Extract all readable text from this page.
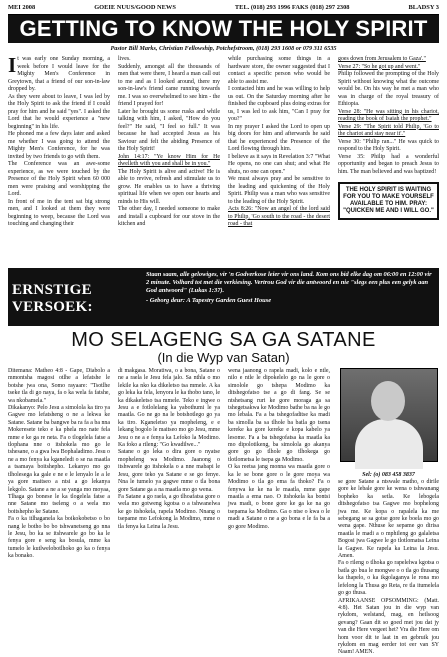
MEI 2008	GOEIE NUUS/GOOD NEWS	TEL. (018) 293 1996 FAKS (018) 297 2308	BLADSY 3
GETTING TO KNOW THE HOLY SPIRIT
Pastor Bill Marks, Christian Fellowship, Potchefstroom, (018) 293 1608 or 079 311 6535
I t was early one Sunday morning, a week before I would leave for the Mighty Men's Conference in Greytown, that a friend of our son-in-law dropped by.

As they were about to leave, I was led by the Holy Spirit to ask the friend if I could pray for him and he said "yes". I asked the Lord that he would experience a "new beginning" in his life.

He phoned me a few days later and asked me whether I was going to attend the Mighty Men's Conference, for he was invited by two friends to go with them.

The Conference was an awe-some experience, as we were touched by the Presence of the Holy Spirit when 60 000 men were praising and worshipping the Lord.

In front of me in the tent sat big strong men, and I looked at them they were beginning to weep, because the Lord was touching and changing their

lives.

Suddenly, amongst all the thousands of men that were there, I heard a man call out to me and as I looked around, there my son-in-law's friend came running towards me. I was so overwhelmed to see him - the friend I prayed for!

Later he brought us some rusks and while talking with him, I asked, "How do you feel?" He said, "I feel so full." It was because he had accepted Jesus as his Saviour and felt the abiding Presence of the Holy Spirit!

John 14:17: "Ye know Him for He dwelleth with you and shall be in you."

The Holy Spirit is alive and active! He is able to revive, refresh and stimulate us to grow. He enables us to have a thriving spiritual life when we open our hearts and minds to His will.

The other day, I needed someone to make and install a cupboard for our stove in the kitchen and

while purchasing some things in a hardware store, the owner suggested that I contact a specific person who would be able to assist me.

I contacted him and he was willing to help us out. On the Saturday morning after he finished the cupboard plus doing extras for us, I was led to ask him, "Can I pray for you?"

In my prayer I asked the Lord to open up big doors for him and afterwards he said that he experienced the Presence of the Lord flowing through him.

I believe as it says in Revelation 3:7 "What He opens, no one can shut; and what He shuts, no one can open."

We must always pray and be sensitive to the leading and quickening of the Holy Spirit. Philip was a man who was sensitive to the leading of the Holy Spirit.

Acts 8:26: "Now an angel of the lord said to Philip, 'Go south to the road - the desert road - that

goes down from Jerusalem to Gaza'."

Verse 27: "So he got up and went."

Philip followed the prompting of the Holy Spirit without knowing what the outcome would be. On his way he met a man who was in charge of the royal treasury of Ethiopia.

Verse 28: "He was sitting in his chariot, reading the book of Isaiah the prophet."

Verse 29: "The Spirit told Philip, 'Go to the chariot and stay near it'."

Verse 30: "Philip ran..." He was quick to respond to the Holy Spirit.

Verse 35: Philip had a wonderful opportunity and began to preach Jesus to him. The man believed and was baptized!

THE HOLY SPIRIT IS WAITING FOR YOU TO MAKE YOURSELF AVAILABLE TO HIM. PRAY: "QUICKEN ME AND I WILL GO."
ERNSTIGE VERSOEK:
Staan saam, alle gelowiges, vir 'n Godverkose leier vir ons land. Kom ons bid elke dag om 06:00 en 12:00 vir 2 minute. Volhard tot met die verkiesing. Vertrou God vir die antwoord en nie "slegs een plus een gelyk aan God antwoord" (Lukas 1:37).
- Geborg deur: A Tapestry Garden Guest House
MO SELAGENG SA GA SATANE
(In die Wyp van Satan)

Ditemana: Matheo 4:8 - Gape, Diabolo a mmontsha magosi otlhe a lefatshe le botshe jwa ona, Somo rayaare: "Tsotlhe tseke tla di go naya, fa o ka wela fa fatshe, wa nkobamela."

Dikakanyo: Pelo Jesu a simolola ka tiro ya Gagwe mo lefatsheng o ne a lekwa ke Satane. Satane ba bangwe ba ra fa a ba nna Mokeresete teko e ka phela mo nate fela mme e ke ga re neta. Fa o tlogelela fatse a tlophana nne o itshokela mo go le tshesane, o a gwa lwa Bophaladimo. Jesu o ne a mo fenya ka kganeledi o se na maatla a tsamaya boitshepho. Lekanyo mo go tlholesega ka gale e ne e le lenyalo le a le ya gore maitseo a ntsi a go lekanya lekgolo. Satane a ne a se yanga mo moyaa, Tlhaga go bonese le ka tlogelela fatse a nne Satane mo tseleng o a wela mo boitshepho ke Satane.

Fa o ka itlhaganela ka boikokobetso o bo nang le botho bo bo tshwanetseng go nna le Jesu, bo ka se itshwarele go bo ka le fenya gore e seng ka bosula, mme ka tumelo le kutlwelobotlhoko go ka o fenya ka bonako.

di makgasa. Moratiwa, o a bona, Satane o ne a raela le Jesu fela jalo. Sa nthla o mo lekile ka nko ka dikeletso tsa mmele. A ka go leka ka fela, lenyora le ka thobo tano, le ka dikakeletso tsa mmele. Teko e ingwe o Jesu a e fotlolelang ka yabothumi le ya maatla. Go ne go na le botshotlego go ya ka tiro. Kganeletso ya mopheleng, e e lekang bogolo le maitseo mo go Jesu, mme Jesu o ne a e fenya ka Lefoko la Modimo. Ka foko a rileng: "Go kwadilwe..."

Satane o go leka o dira gore o nyatse mopheleng wa Modimo. Jaanong o itshwarele go itshokela o a nne mabapi le Jesu, gore teko ya Satane e se go fenye. Nna le tumelo ya gagwe mme o tla bona gore Satane ga a na maatla mo go wena.

Fa Satane a go raela, a go tlhoafatsa gore o wela mo gotweng kgotsa o a tshwanelwa ke go itshokela, rapela Modimo. Nnang o tsepame mo Lefokong la Modimo, mme o tla fenya ka Leina la Jesu.

wena jaanong o rapela madi, kolo e ntle, nilo e ntle le dipokelelo go na le gore o simolole go tshepa Modimo ka ditshegofatso tse a go di fang. Se se ntshetsang ruri ke gore moraga ga sa tshegetsakwa ke Modimo bathe ba na le go mo lebala. Fa a ba tshegofaditse ka madi ba simolla ba sa tlhole ba batla go tsena kereke ka gore kereke e kopa kabelo ya lesome. Fa a ba tshegofatsa ka maatla ka mo dipolotikeng, ba simolola go akanya gore go go tlhole go tlhokega go tlotlometsa le tsepa ga Modimo.

O ka reetsa jang monna wa maatla gore o ka le se bone gore o le gore moya wa Modimo o tla go ema fa thoko? Fa o fenywa ke ke na le maatla, mme gape maatla a ema nao. O itshokela ka bontsi jwa madi, o bone gore ke ga ke na go tsepama ka Modimo. Ga o ntse o kwa o le madi a Satane o ne a go bona e le fa ba a go gore Modimo.

Sel: (o) 083 458 3837

se gore Satane a ntswale matho, o dirile gore ke lebale gore ke wena o tshwanang bopheko ka setla. Ke lebogela ditshegofatso tsa Gagwe mo bophelong jwa me. Ke kopa o rapalela ka me sebegang se sa gotse gore ke boela mo go wena gape. Nthuse ke sepame go dirisa maatla le madi a o mphileng go galaletsa Bogosi jwa Gagwe le go tlotlomatsa Leina la Gagwe. Ke rapela ka Leina la Jesu. Amen.

Fa o rileng o tlhoka go rapelelwa kgotsa o batla go bua le mongwe o o tla go thusang ka thapelo, o ka ikgolaganya le rona mo lefelong la Thusa go Reta, re tla itumelela go go thusa.

AFRIKAANSE OPSOMMING: (Matt. 4:8). Het Satan jou in die wyp van rykdom, welstand, mag, en heilsoog gevang? Gaan dit so goed met jou dat jy van die Here vergeet het? Vra die Here om hom voor dit te laat in en gebruik jou rykdom en mag eerder tot eer van SY Naam! AMEN.
